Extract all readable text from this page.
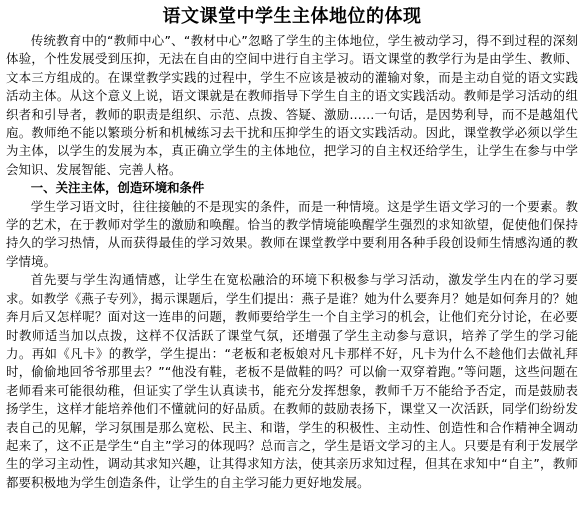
语文课堂中学生主体地位的体现

传统教育中的“教师中心”、“教材中心”忽略了学生的主体地位，学生被动学习，得不到过程的深刻体验，个性发展受到压抑，无法在自由的空间中进行自主学习。语文课堂的教学行为是由学生、教师、文本三方组成的。在课堂教学实践的过程中，学生不应该是被动的灌输对象，而是主动自觉的语文实践活动主体。从这个意义上说，语文课就是在教师指导下学生自主的语文实践活动。教师是学习活动的组织者和引导者，教师的职责是组织、示范、点拨、答疑、激励……一句话，是因势利导，而不是越俎代庖。教师绝不能以繁琐分析和机械练习去干扰和压抑学生的语文实践活动。因此，课堂教学必须以学生为主体，以学生的发展为本，真正确立学生的主体地位，把学习的自主权还给学生，让学生在参与中学会知识、发展智能、完善人格。

一、关注主体，创造环境和条件

学生学习语文时，往往接触的不是现实的条件，而是一种情境。这是学生语文学习的一个要素。教学的艺术，在于教师对学生的激励和唤醒。恰当的教学情境能唤醒学生强烈的求知欲望，促使他们保持持久的学习热情，从而获得最佳的学习效果。教师在课堂教学中要利用各种手段创设师生情感沟通的教学情境。

首先要与学生沟通情感，让学生在宽松融洽的环境下积极参与学习活动，激发学生内在的学习要求。如教学《燕子专列》，揭示课题后，学生们提出：燕子是谁？她为什么要奔月？她是如何奔月的？她奔月后又怎样呢？面对这一连串的问题，教师要给学生一个自主学习的机会，让他们充分讨论，在必要时教师适当加以点拨，这样不仅活跃了课堂气氛，还增强了学生主动参与意识，培养了学生的学习能力。再如《凡卡》的教学，学生提出：“老板和老板娘对凡卡那样不好，凡卡为什么不趁他们去做礼拜时，偷偷地回爷爷那里去？”“他没有鞋，老板不是做鞋的吗？可以偷一双穿着跑。”等问题，这些问题在老师看来可能很幼稚，但证实了学生认真读书，能充分发挥想象，教师千万不能给予否定，而是鼓励表扬学生，这样才能培养他们不懂就问的好品质。在教师的鼓励表扬下，课堂又一次活跃，同学们纷纷发表自己的见解，学习氛围是那么宽松、民主、和谐，学生的积极性、主动性、创造性和合作精神全调动起来了，这不正是学生“自主”学习的体现吗？总而言之，学生是语文学习的主人。只要是有利于发展学生的学习主动性，调动其求知兴趣，让其得求知方法，使其亲历求知过程，但其在求知中“自主”，教师都要积极地为学生创造条件，让学生的自主学习能力更好地发展。
